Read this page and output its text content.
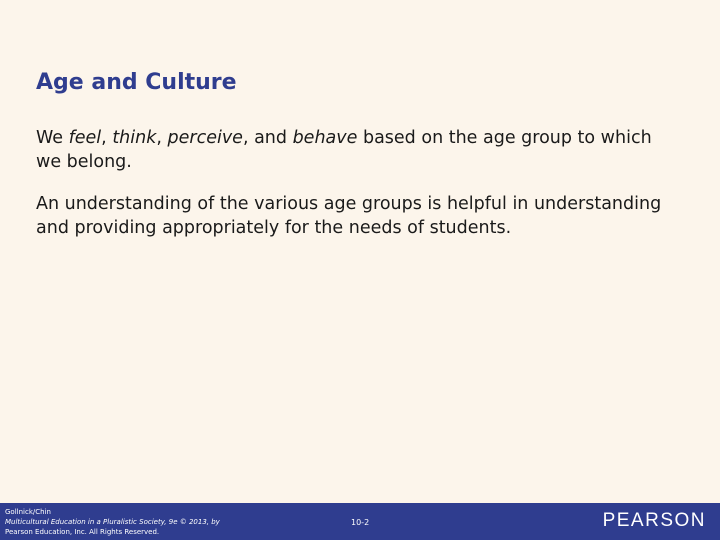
Age and Culture

We feel, think, perceive, and behave based on the age group to which we belong.

An understanding of the various age groups is helpful in understanding and providing appropriately for the needs of students.

Gollnick/Chin
Multicultural Education in a Pluralistic Society, 9e © 2013, by
Pearson Education, Inc. All Rights Reserved.
10-2	PEARSON
